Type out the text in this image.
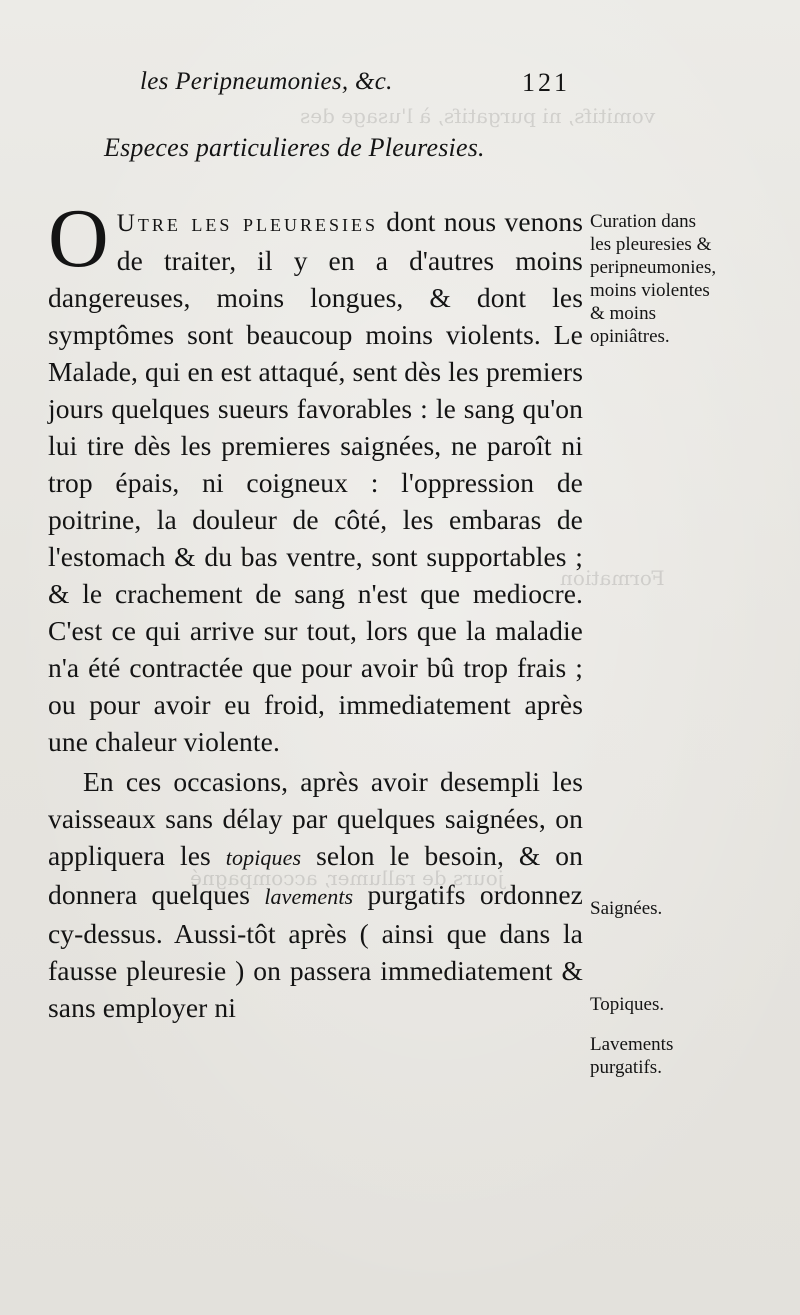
vomitifs, ni purgatifs, à l'usage des
Formation
jours de rallumer, accompagné
les Peripneumonies, &c.	121
Especes particulieres de Pleuresies.

O Utre les pleuresies dont nous venons de traiter, il y en a d'autres moins dangereuses, moins longues, & dont les symptômes sont beaucoup moins violents. Le Malade, qui en est attaqué, sent dès les premiers jours quelques sueurs favorables : le sang qu'on lui tire dès les premieres saignées, ne paroît ni trop épais, ni coigneux : l'oppression de poitrine, la douleur de côté, les embaras de l'estomach & du bas ventre, sont supportables ; & le crachement de sang n'est que mediocre. C'est ce qui arrive sur tout, lors que la maladie n'a été contractée que pour avoir bû trop frais ; ou pour avoir eu froid, immediatement après une chaleur violente.

En ces occasions, après avoir desempli les vaisseaux sans délay par quelques saignées, on appliquera les topiques selon le besoin, & on donnera quelques lavements purgatifs ordonnez cy-dessus. Aussi-tôt après ( ainsi que dans la fausse pleuresie ) on passera immediatement & sans employer ni

Curation dans les pleuresies & peripneumonies, moins violentes & moins opiniâtres.
Saignées.
Topiques.
Lavements purgatifs.
